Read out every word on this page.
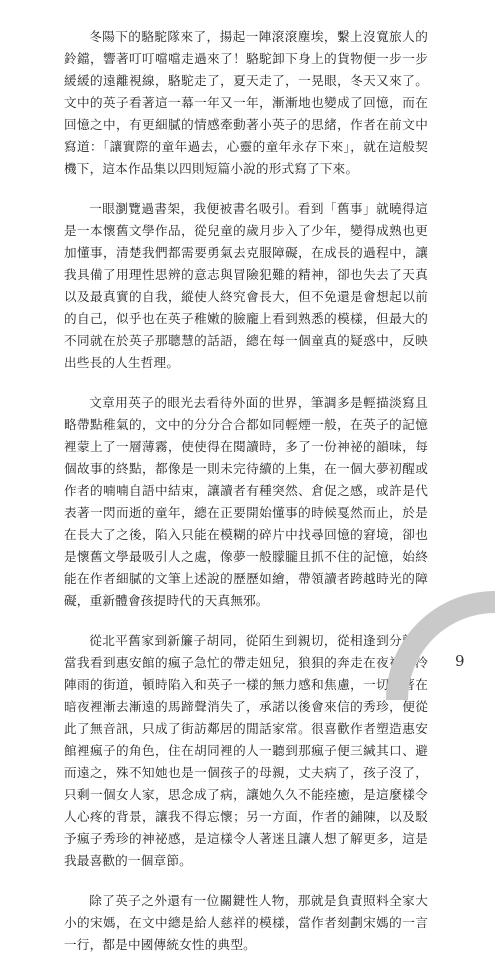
冬陽下的駱駝隊來了，揚起一陣滾滾塵埃，繫上沒寬旅人的鈴鐺，響著叮叮噹噹走過來了！駱駝卸下身上的貨物便一步一步緩緩的遠離視線，駱駝走了，夏天走了，一晃眼，冬天又來了。文中的英子看著這一幕一年又一年，漸漸地也變成了回憶，而在回憶之中，有更細膩的情感牽動著小英子的思緒，作者在前文中寫道：「讓實際的童年過去，心靈的童年永存下來」，就在這般契機下，這本作品集以四則短篇小說的形式寫了下來。

一眼瀏覽過書架，我便被書名吸引。看到「舊事」就曉得這是一本懷舊文學作品，從兒童的歲月步入了少年，變得成熟也更加懂事，清楚我們都需要勇氣去克服障礙，在成長的過程中，讓我具備了用理性思辨的意志與冒險犯難的精神，卻也失去了天真以及最真實的自我，縱使人終究會長大，但不免還是會想起以前的自己，似乎也在英子稚嫩的臉龐上看到熟悉的模樣，但最大的不同就在於英子那聰慧的話語，總在每一個童真的疑惑中，反映出些長的人生哲理。

文章用英子的眼光去看待外面的世界，筆調多是輕描淡寫且略帶點稚氣的，文中的分分合合都如同輕煙一般，在英子的記憶裡蒙上了一層薄霧，使使得在閱讀時，多了一份神祕的韻味，每個故事的終點，都像是一則未完待續的上集，在一個大夢初醒或作者的喃喃自語中結束，讓讀者有種突然、倉促之感，或許是代表著一閃而逝的童年，總在正要開始懂事的時候戛然而止，於是在長大了之後，陷入只能在模糊的碎片中找尋回憶的窘境，卻也是懷舊文學最吸引人之處，像夢一般朦朧且抓不住的記憶，始終能在作者細膩的文筆上述說的歷歷如繪，帶領讀者跨越時光的障礙，重新體會孩提時代的天真無邪。

從北平舊家到新簾子胡同，從陌生到親切，從相逢到分離，當我看到惠安館的瘋子急忙的帶走妞兒，狼狽的奔走在夜裡寒冷陣雨的街道，頓時陷入和英子一樣的無力感和焦慮，一切隨著在暗夜裡漸去漸遠的馬蹄聲消失了，承諾以後會來信的秀珍，便從此了無音訊，只成了街訪鄰居的閒話家常。很喜歡作者塑造惠安館裡瘋子的角色，住在胡同裡的人一聽到那瘋子便三緘其口、避而遠之，殊不知她也是一個孩子的母親，丈夫病了，孩子沒了，只剩一個女人家，思念成了病，讓她久久不能痊癒，是這麼樣令人心疼的背景，讓我不得忘懷；另一方面，作者的鋪陳，以及駁予瘋子秀珍的神祕感，是這樣令人著迷且讓人想了解更多，這是我最喜歡的一個章節。

除了英子之外還有一位關鍵性人物，那就是負責照料全家大小的宋媽，在文中總是給人慈祥的模樣，當作者刻劃宋媽的一言一行，都是中國傳統女性的典型。

9
